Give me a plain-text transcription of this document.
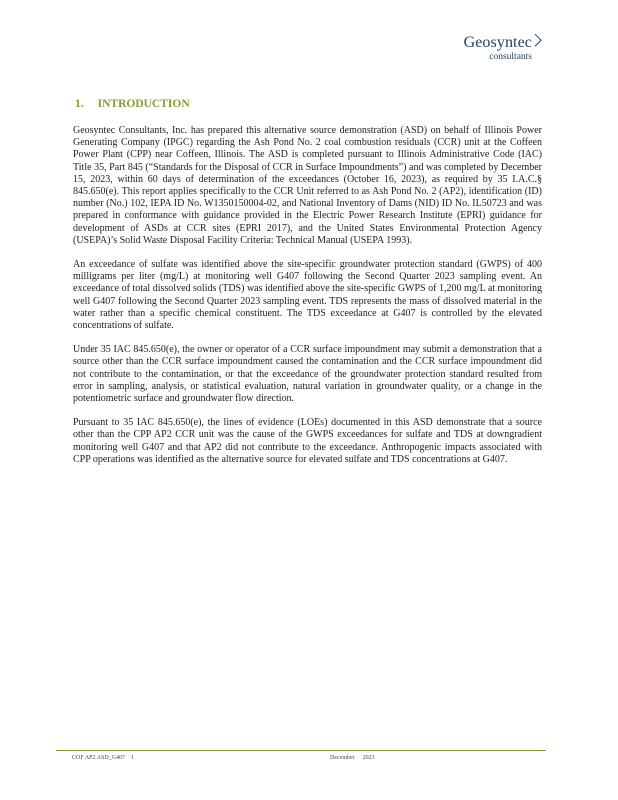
Geosyntec
consultants
1. INTRODUCTION

Geosyntec Consultants, Inc. has prepared this alternative source demonstration (ASD) on behalf of Illinois Power Generating Company (IPGC) regarding the Ash Pond No. 2 coal combustion residuals (CCR) unit at the Coffeen Power Plant (CPP) near Coffeen, Illinois. The ASD is completed pursuant to Illinois Administrative Code (IAC) Title 35, Part 845 (“Standards for the Disposal of CCR in Surface Impoundments”) and was completed by December 15, 2023, within 60 days of determination of the exceedances (October 16, 2023), as required by 35 I.A.C.§ 845.650(e). This report applies specifically to the CCR Unit referred to as Ash Pond No. 2 (AP2), identification (ID) number (No.) 102, IEPA ID No. W1350150004-02, and National Inventory of Dams (NID) ID No. IL50723 and was prepared in conformance with guidance provided in the Electric Power Research Institute (EPRI) guidance for development of ASDs at CCR sites (EPRI 2017), and the United States Environmental Protection Agency (USEPA)’s Solid Waste Disposal Facility Criteria: Technical Manual (USEPA 1993).

An exceedance of sulfate was identified above the site-specific groundwater protection standard (GWPS) of 400 milligrams per liter (mg/L) at monitoring well G407 following the Second Quarter 2023 sampling event. An exceedance of total dissolved solids (TDS) was identified above the site-specific GWPS of 1,200 mg/L at monitoring well G407 following the Second Quarter 2023 sampling event. TDS represents the mass of dissolved material in the water rather than a specific chemical constituent. The TDS exceedance at G407 is controlled by the elevated concentrations of sulfate.

Under 35 IAC 845.650(e), the owner or operator of a CCR surface impoundment may submit a demonstration that a source other than the CCR surface impoundment caused the contamination and the CCR surface impoundment did not contribute to the contamination, or that the exceedance of the groundwater protection standard resulted from error in sampling, analysis, or statistical evaluation, natural variation in groundwater quality, or a change in the potentiometric surface and groundwater flow direction.

Pursuant to 35 IAC 845.650(e), the lines of evidence (LOEs) documented in this ASD demonstrate that a source other than the CPP AP2 CCR unit was the cause of the GWPS exceedances for sulfate and TDS at downgradient monitoring well G407 and that AP2 did not contribute to the exceedance. Anthropogenic impacts associated with CPP operations was identified as the alternative source for elevated sulfate and TDS concentrations at G407.

COF AP2 ASD_G407 1	December 2023
